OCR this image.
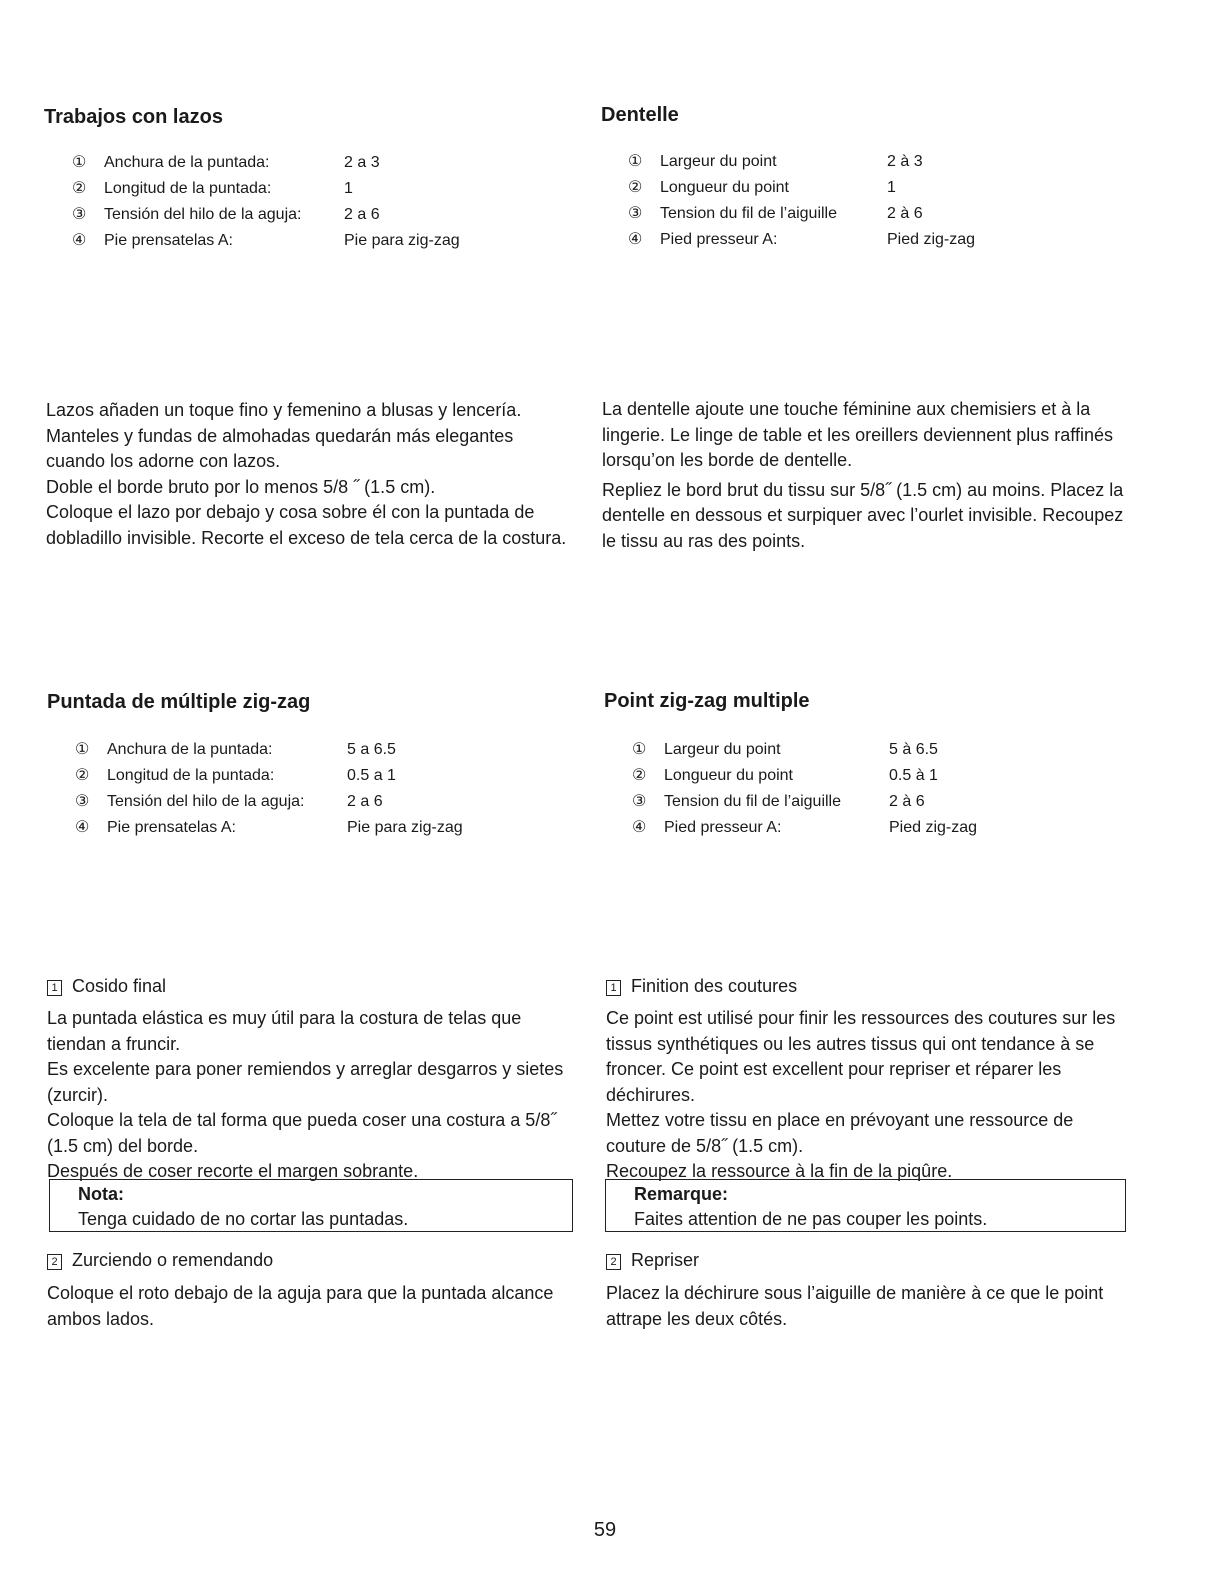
Trabajos con lazos
①	Anchura de la puntada:	2 a 3
②	Longitud de la puntada:	1
③	Tensión del hilo de la aguja:	2 a 6
④	Pie prensatelas A:	Pie para zig-zag
Lazos añaden un toque fino y femenino a blusas y lencería. Manteles y fundas de almohadas quedarán más elegantes cuando los adorne con lazos.
Doble el borde bruto por lo menos 5/8 ˝ (1.5 cm).
Coloque el lazo por debajo y cosa sobre él con la puntada de dobladillo invisible. Recorte el exceso de tela cerca de la costura.
Dentelle
①	Largeur du point	2 à 3
②	Longueur du point	1
③	Tension du fil de l’aiguille	2 à 6
④	Pied presseur A:	Pied zig-zag
La dentelle ajoute une touche féminine aux chemisiers et à la lingerie. Le linge de table et les oreillers deviennent plus raffinés lorsqu’on les borde de dentelle.
Repliez le bord brut du tissu sur 5/8˝ (1.5 cm) au moins. Placez la dentelle en dessous et surpiquer avec l’ourlet invisible. Recoupez le tissu au ras des points.
Puntada de múltiple zig-zag
①	Anchura de la puntada:	5 a 6.5
②	Longitud de la puntada:	0.5 a 1
③	Tensión del hilo de la aguja:	2 a 6
④	Pie prensatelas A:	Pie para zig-zag
1 Cosido final
La puntada elástica es muy útil para la costura de telas que tiendan a fruncir.
Es excelente para poner remiendos y arreglar desgarros y sietes (zurcir).
Coloque la tela de tal forma que pueda coser una costura a 5/8˝ (1.5 cm) del borde.
Después de coser recorte el margen sobrante.
Nota:
Tenga cuidado de no cortar las puntadas.
2 Zurciendo o remendando
Coloque el roto debajo de la aguja para que la puntada alcance ambos lados.
Point zig-zag multiple
①	Largeur du point	5 à 6.5
②	Longueur du point	0.5 à 1
③	Tension du fil de l’aiguille	2 à 6
④	Pied presseur A:	Pied zig-zag
1 Finition des coutures
Ce point est utilisé pour finir les ressources des coutures sur les tissus synthétiques ou les autres tissus qui ont tendance à se froncer. Ce point est excellent pour repriser et réparer les déchirures.
Mettez votre tissu en place en prévoyant une ressource de couture de 5/8˝ (1.5 cm).
Recoupez la ressource à la fin de la piqûre.
Remarque:
Faites attention de ne pas couper les points.
2 Repriser
Placez la déchirure sous l’aiguille de manière à ce que le point attrape les deux côtés.
59
